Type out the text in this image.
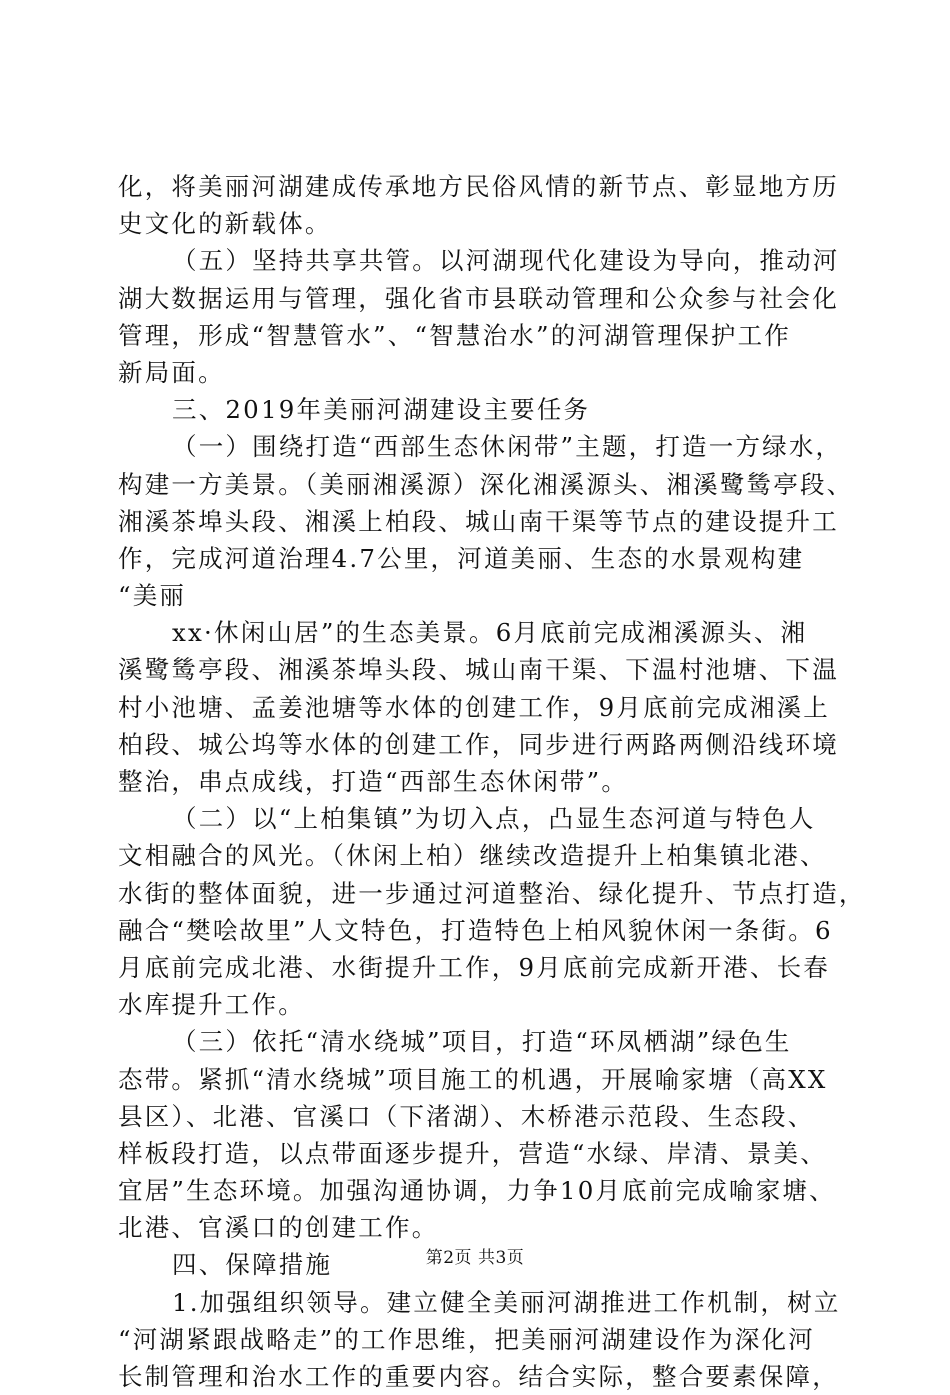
化，将美丽河湖建成传承地方民俗风情的新节点、彰显地方历
史文化的新载体。
（五）坚持共享共管。以河湖现代化建设为导向，推动河
湖大数据运用与管理，强化省市县联动管理和公众参与社会化
管理，形成“智慧管水”、“智慧治水”的河湖管理保护工作
新局面。
三、2019年美丽河湖建设主要任务
（一）围绕打造“西部生态休闲带”主题，打造一方绿水，
构建一方美景。（美丽湘溪源）深化湘溪源头、湘溪鹭鸶亭段、
湘溪茶埠头段、湘溪上柏段、城山南干渠等节点的建设提升工
作，完成河道治理4.7公里，河道美丽、生态的水景观构建
“美丽
xx·休闲山居”的生态美景。6月底前完成湘溪源头、湘
溪鹭鸶亭段、湘溪茶埠头段、城山南干渠、下温村池塘、下温
村小池塘、孟姜池塘等水体的创建工作，9月底前完成湘溪上
柏段、城公坞等水体的创建工作，同步进行两路两侧沿线环境
整治，串点成线，打造“西部生态休闲带”。
（二）以“上柏集镇”为切入点，凸显生态河道与特色人
文相融合的风光。（休闲上柏）继续改造提升上柏集镇北港、
水街的整体面貌，进一步通过河道整治、绿化提升、节点打造，
融合“樊哙故里”人文特色，打造特色上柏风貌休闲一条街。6
月底前完成北港、水街提升工作，9月底前完成新开港、长春
水库提升工作。
（三）依托“清水绕城”项目，打造“环凤栖湖”绿色生
态带。紧抓“清水绕城”项目施工的机遇，开展喻家塘（高XX
县区）、北港、官溪口（下渚湖）、木桥港示范段、生态段、
样板段打造，以点带面逐步提升，营造“水绿、岸清、景美、
宜居”生态环境。加强沟通协调，力争10月底前完成喻家塘、
北港、官溪口的创建工作。
四、保障措施
1.加强组织领导。建立健全美丽河湖推进工作机制，树立
“河湖紧跟战略走”的工作思维，把美丽河湖建设作为深化河
长制管理和治水工作的重要内容。结合实际，整合要素保障，
第2页 共3页
